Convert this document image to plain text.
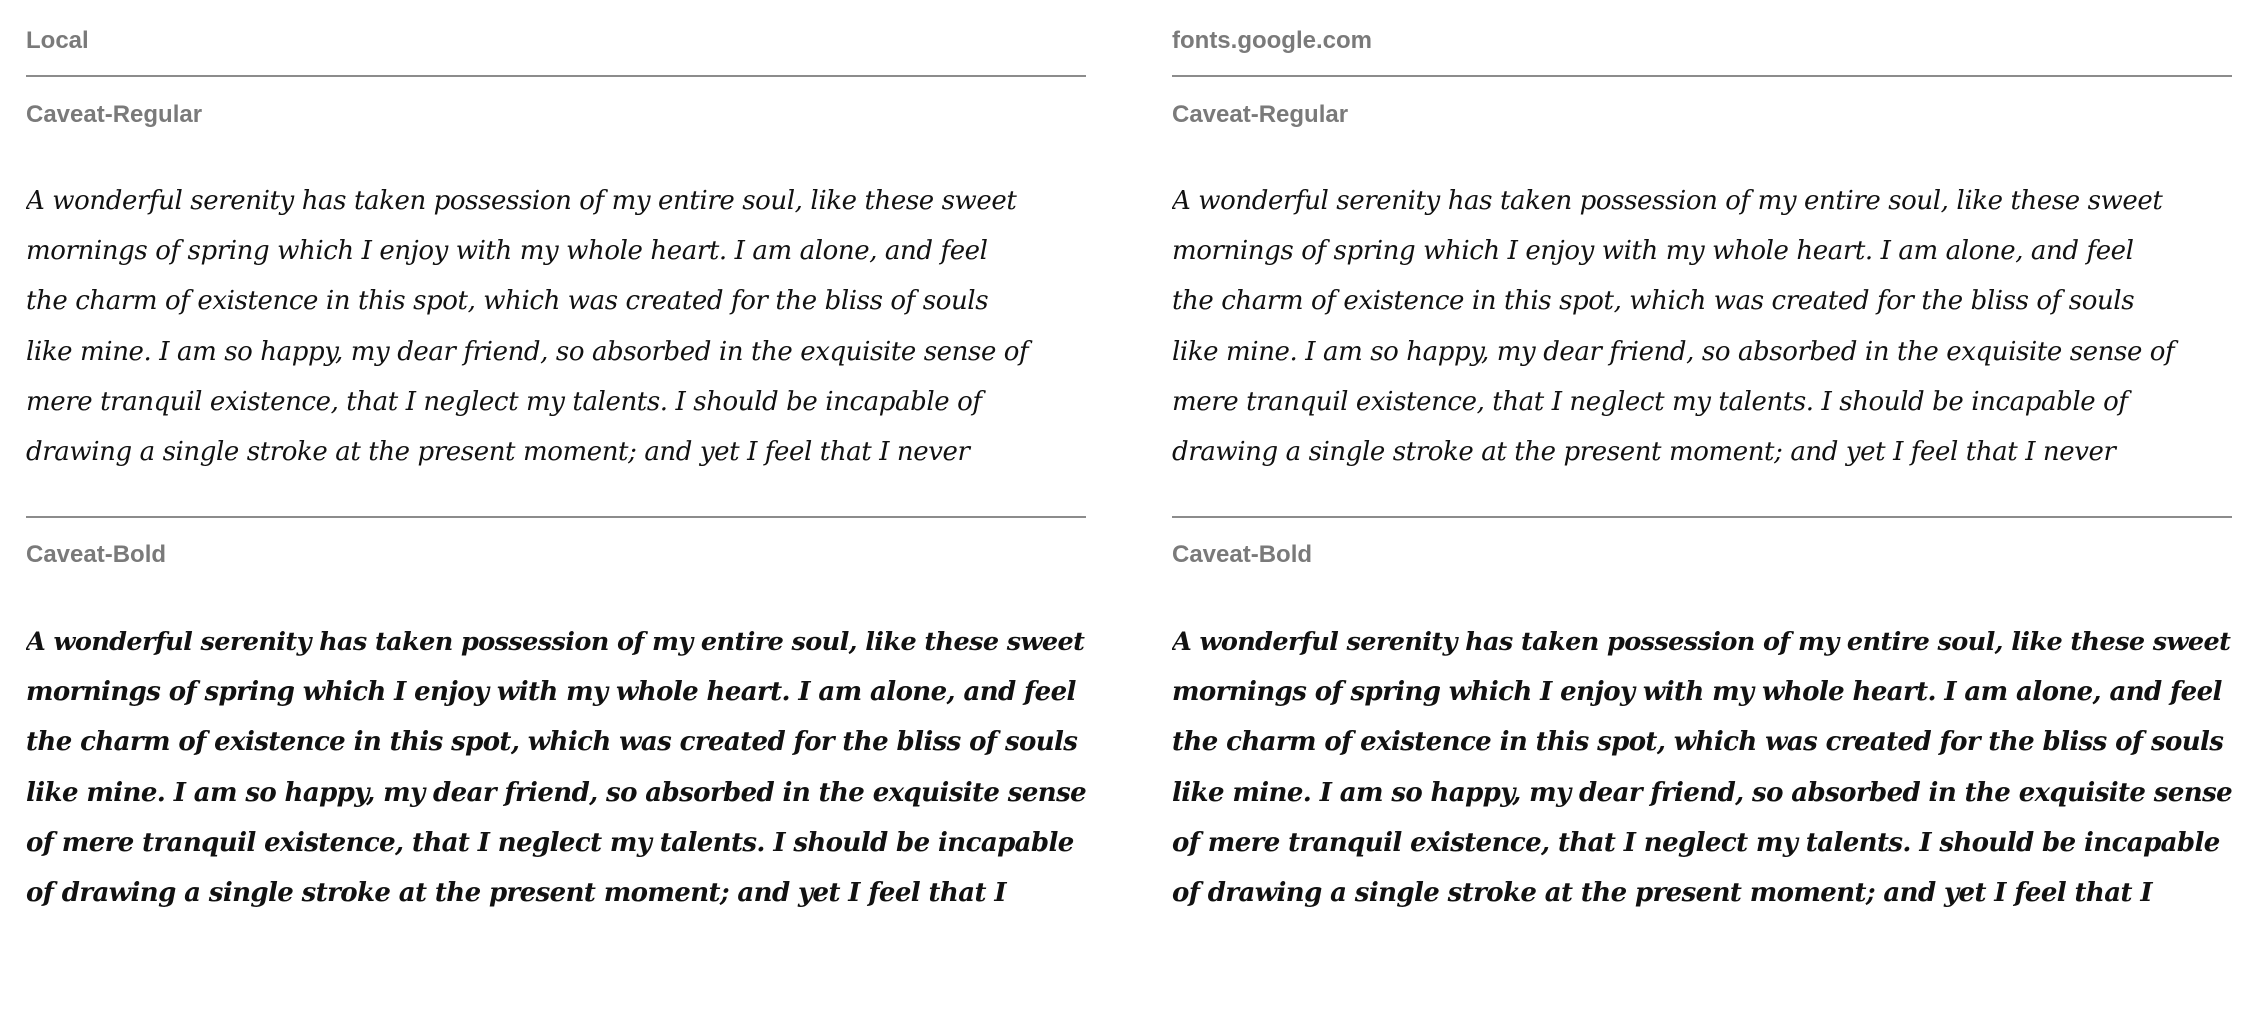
Local
Caveat-Regular

A wonderful serenity has taken possession of my entire soul, like these sweet
mornings of spring which I enjoy with my whole heart. I am alone, and feel
the charm of existence in this spot, which was created for the bliss of souls
like mine. I am so happy, my dear friend, so absorbed in the exquisite sense of
mere tranquil existence, that I neglect my talents. I should be incapable of
drawing a single stroke at the present moment; and yet I feel that I never

Caveat-Bold

A wonderful serenity has taken possession of my entire soul, like these sweet
mornings of spring which I enjoy with my whole heart. I am alone, and feel
the charm of existence in this spot, which was created for the bliss of souls
like mine. I am so happy, my dear friend, so absorbed in the exquisite sense
of mere tranquil existence, that I neglect my talents. I should be incapable
of drawing a single stroke at the present moment; and yet I feel that I

fonts.google.com
Caveat-Regular

A wonderful serenity has taken possession of my entire soul, like these sweet
mornings of spring which I enjoy with my whole heart. I am alone, and feel
the charm of existence in this spot, which was created for the bliss of souls
like mine. I am so happy, my dear friend, so absorbed in the exquisite sense of
mere tranquil existence, that I neglect my talents. I should be incapable of
drawing a single stroke at the present moment; and yet I feel that I never

Caveat-Bold

A wonderful serenity has taken possession of my entire soul, like these sweet
mornings of spring which I enjoy with my whole heart. I am alone, and feel
the charm of existence in this spot, which was created for the bliss of souls
like mine. I am so happy, my dear friend, so absorbed in the exquisite sense
of mere tranquil existence, that I neglect my talents. I should be incapable
of drawing a single stroke at the present moment; and yet I feel that I
